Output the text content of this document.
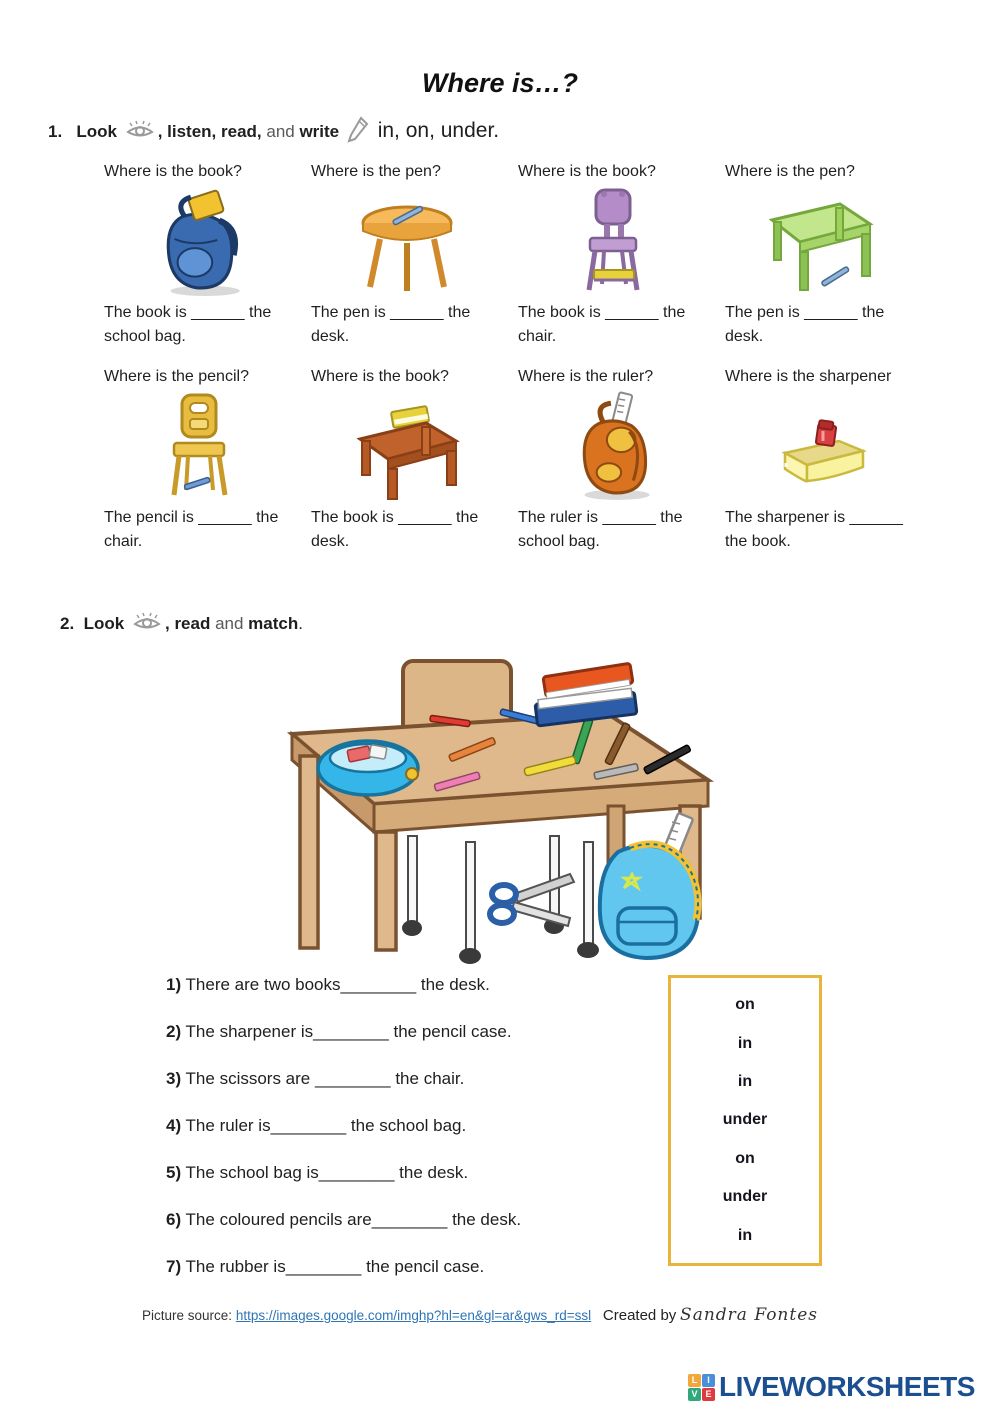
Where is…?
1. Look , listen, read, and write  in, on, under.

Where is the book?

The book is ______ the school bag.

Where is the pen?

The pen is ______ the desk.

Where is the book?

The book is ______ the chair.

Where is the pen?

The pen is ______ the desk.

Where is the pencil?

The pencil is ______ the chair.

Where is the book?

The book is ______ the desk.

Where is the ruler?

The ruler is ______ the school bag.

Where is the sharpener

The sharpener is ______ the book.

2. Look , read and match.

1) There are two books________ the desk.

2) The sharpener is________ the pencil case.

3) The scissors are ________ the chair.

4) The ruler is________ the school bag.

5) The school bag is________ the desk.

6) The coloured pencils are________ the desk.

7) The rubber is________ the pencil case.

on
in
in
under
on
under
in
Picture source: https://images.google.com/imghp?hl=en&gl=ar&gws_rd=ssl Created by Sandra Fontes
L	I
V E LIVEWORKSHEETS
